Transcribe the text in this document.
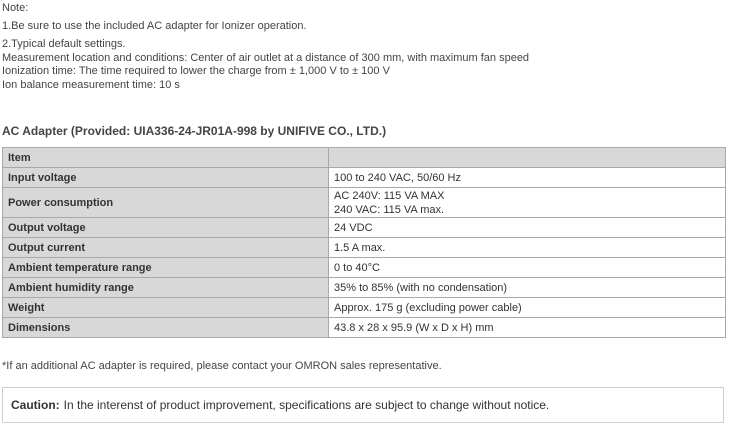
Note:
1.Be sure to use the included AC adapter for Ionizer operation.
2.Typical default settings.
Measurement location and conditions: Center of air outlet at a distance of 300 mm, with maximum fan speed
Ionization time: The time required to lower the charge from ± 1,000 V to ± 100 V
Ion balance measurement time: 10 s
AC Adapter (Provided: UIA336-24-JR01A-998 by UNIFIVE CO., LTD.)
Item	
Input voltage	100 to 240 VAC, 50/60 Hz
Power consumption	AC 240V: 115 VA MAX
240 VAC: 115 VA max.

Output voltage	24 VDC
Output current	1.5 A max.
Ambient temperature range	0 to 40°C
Ambient humidity range	35% to 85% (with no condensation)
Weight	Approx. 175 g (excluding power cable)
Dimensions	43.8 x 28 x 95.9 (W x D x H) mm
*If an additional AC adapter is required, please contact your OMRON sales representative.
Caution: In the interenst of product improvement, specifications are subject to change without notice.
